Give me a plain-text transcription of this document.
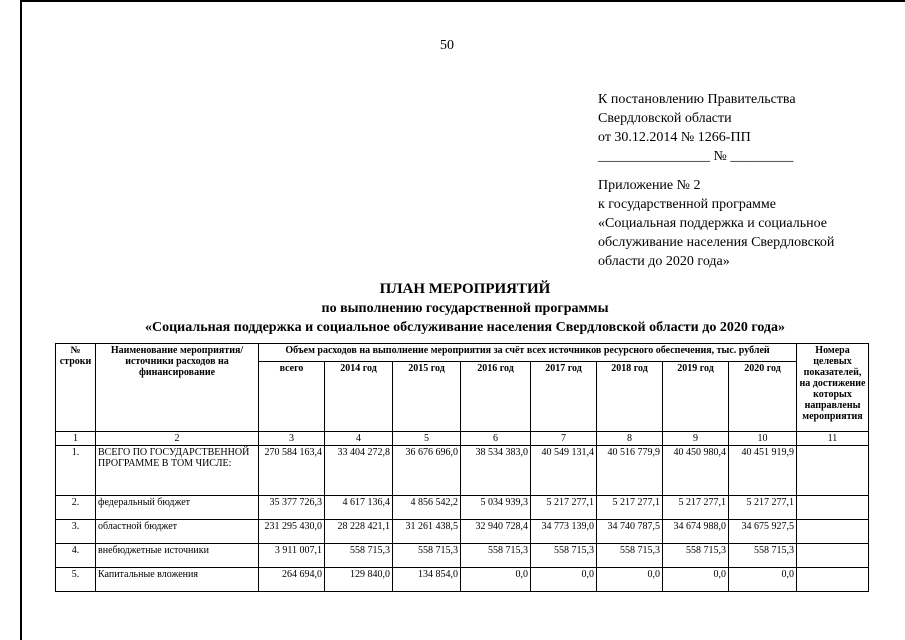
50
К постановлению Правительства
Свердловской области
от 30.12.2014 № 1266-ПП
________________ № _________
Приложение № 2
к государственной программе
«Социальная поддержка и социальное
обслуживание населения Свердловской
области до 2020 года»
ПЛАН МЕРОПРИЯТИЙ
по выполнению государственной программы
«Социальная поддержка и социальное обслуживание населения Свердловской области до 2020 года»
№ строки	Наименование мероприятия/источники расходов на финансирование	Объем расходов на выполнение мероприятия за счёт всех источников ресурсного обеспечения, тыс. рублей								Номера целевых показателей, на достижение которых направлены мероприятия
		всего	2014 год	2015 год	2016 год	2017 год	2018 год	2019 год	2020 год	
1	2	3	4	5	6	7	8	9	10	11
1.	ВСЕГО ПО ГОСУДАРСТВЕННОЙ ПРОГРАММЕ В ТОМ ЧИСЛЕ:	270 584 163,4	33 404 272,8	36 676 696,0	38 534 383,0	40 549 131,4	40 516 779,9	40 450 980,4	40 451 919,9	
2.	федеральный бюджет	35 377 726,3	4 617 136,4	4 856 542,2	5 034 939,3	5 217 277,1	5 217 277,1	5 217 277,1	5 217 277,1	
3.	областной бюджет	231 295 430,0	28 228 421,1	31 261 438,5	32 940 728,4	34 773 139,0	34 740 787,5	34 674 988,0	34 675 927,5	
4.	внебюджетные источники	3 911 007,1	558 715,3	558 715,3	558 715,3	558 715,3	558 715,3	558 715,3	558 715,3	
5.	Капитальные вложения	264 694,0	129 840,0	134 854,0	0,0	0,0	0,0	0,0	0,0	
